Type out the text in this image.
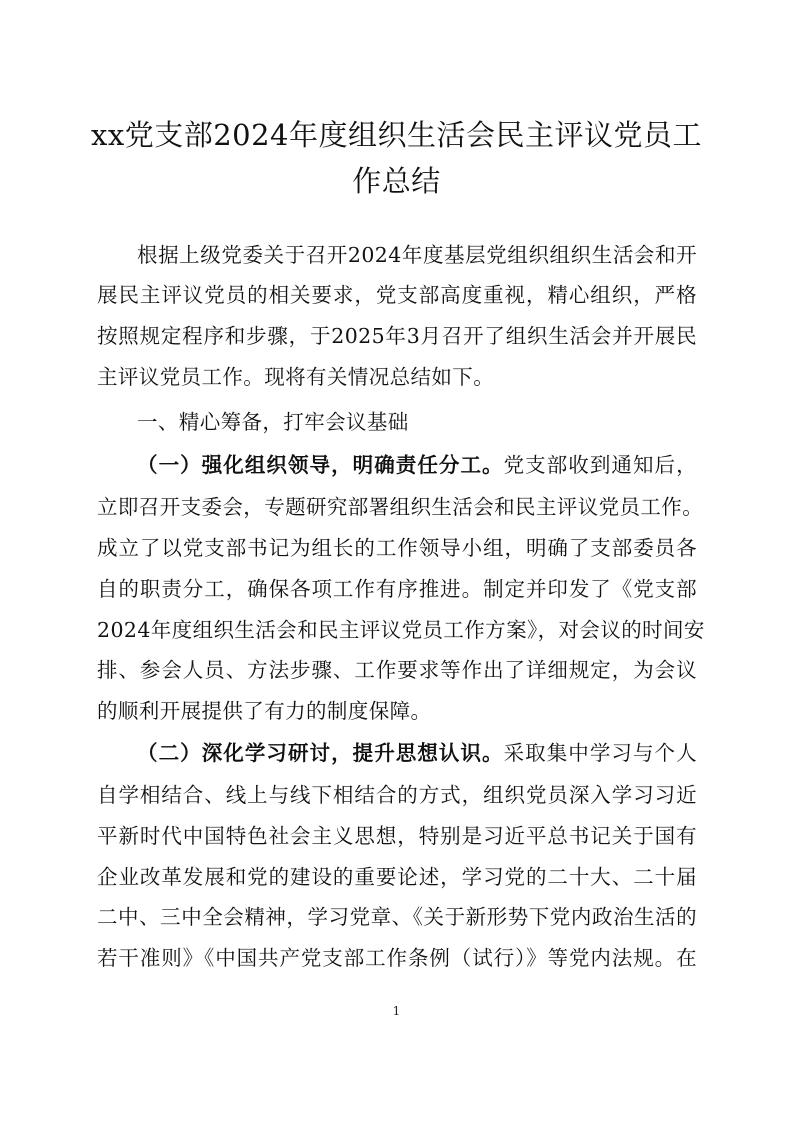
xx党支部2024年度组织生活会民主评议党员工
作总结
根据上级党委关于召开2024年度基层党组织组织生活会和开
展民主评议党员的相关要求，党支部高度重视，精心组织，严格
按照规定程序和步骤，于2025年3月召开了组织生活会并开展民
主评议党员工作。现将有关情况总结如下。
一、精心筹备，打牢会议基础
（一）强化组织领导，明确责任分工。党支部收到通知后，
立即召开支委会，专题研究部署组织生活会和民主评议党员工作。
成立了以党支部书记为组长的工作领导小组，明确了支部委员各
自的职责分工，确保各项工作有序推进。制定并印发了《党支部
2024年度组织生活会和民主评议党员工作方案》，对会议的时间安
排、参会人员、方法步骤、工作要求等作出了详细规定，为会议
的顺利开展提供了有力的制度保障。
（二）深化学习研讨，提升思想认识。采取集中学习与个人
自学相结合、线上与线下相结合的方式，组织党员深入学习习近
平新时代中国特色社会主义思想，特别是习近平总书记关于国有
企业改革发展和党的建设的重要论述，学习党的二十大、二十届
二中、三中全会精神，学习党章、《关于新形势下党内政治生活的
若干准则》《中国共产党支部工作条例（试行）》等党内法规。在
1
